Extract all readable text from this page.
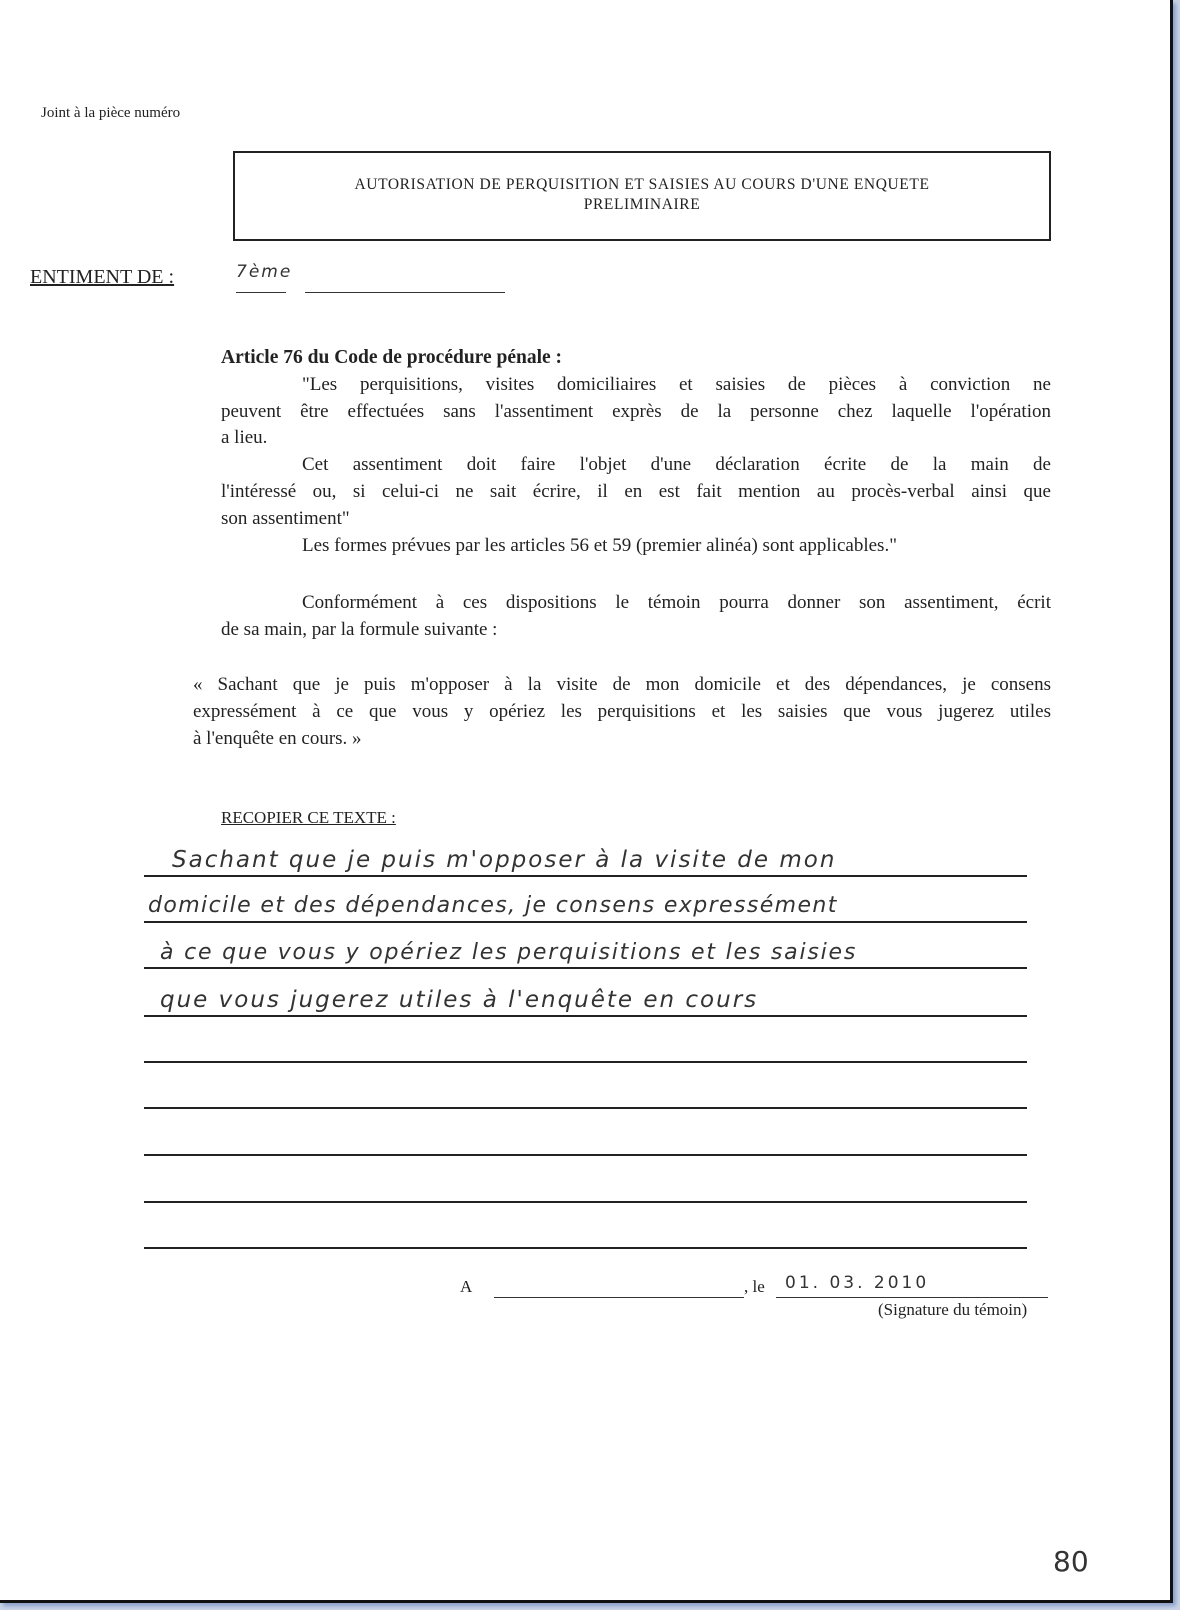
Joint à la pièce numéro
AUTORISATION DE PERQUISITION ET SAISIES AU COURS D'UNE ENQUETE
PRELIMINAIRE
ENTIMENT DE :	7ème
Article 76 du Code de procédure pénale :
"Les perquisitions, visites domiciliaires et saisies de pièces à conviction ne
peuvent être effectuées sans l'assentiment exprès de la personne chez laquelle l'opération
a lieu.
Cet assentiment doit faire l'objet d'une déclaration écrite de la main de
l'intéressé ou, si celui-ci ne sait écrire, il en est fait mention au procès-verbal ainsi que
son assentiment"
Les formes prévues par les articles 56 et 59 (premier alinéa) sont applicables."
Conformément à ces dispositions le témoin pourra donner son assentiment, écrit
de sa main, par la formule suivante :
« Sachant que je puis m'opposer à la visite de mon domicile et des dépendances, je consens
expressément à ce que vous y opériez les perquisitions et les saisies que vous jugerez utiles
à l'enquête en cours. »
RECOPIER CE TEXTE :
Sachant que je puis m'opposer à la visite de mon
domicile et des dépendances, je consens expressément
à ce que vous y opériez les perquisitions et les saisies
que vous jugerez utiles à l'enquête en cours
A	, le 01. 03. 2010
(Signature du témoin)
80
